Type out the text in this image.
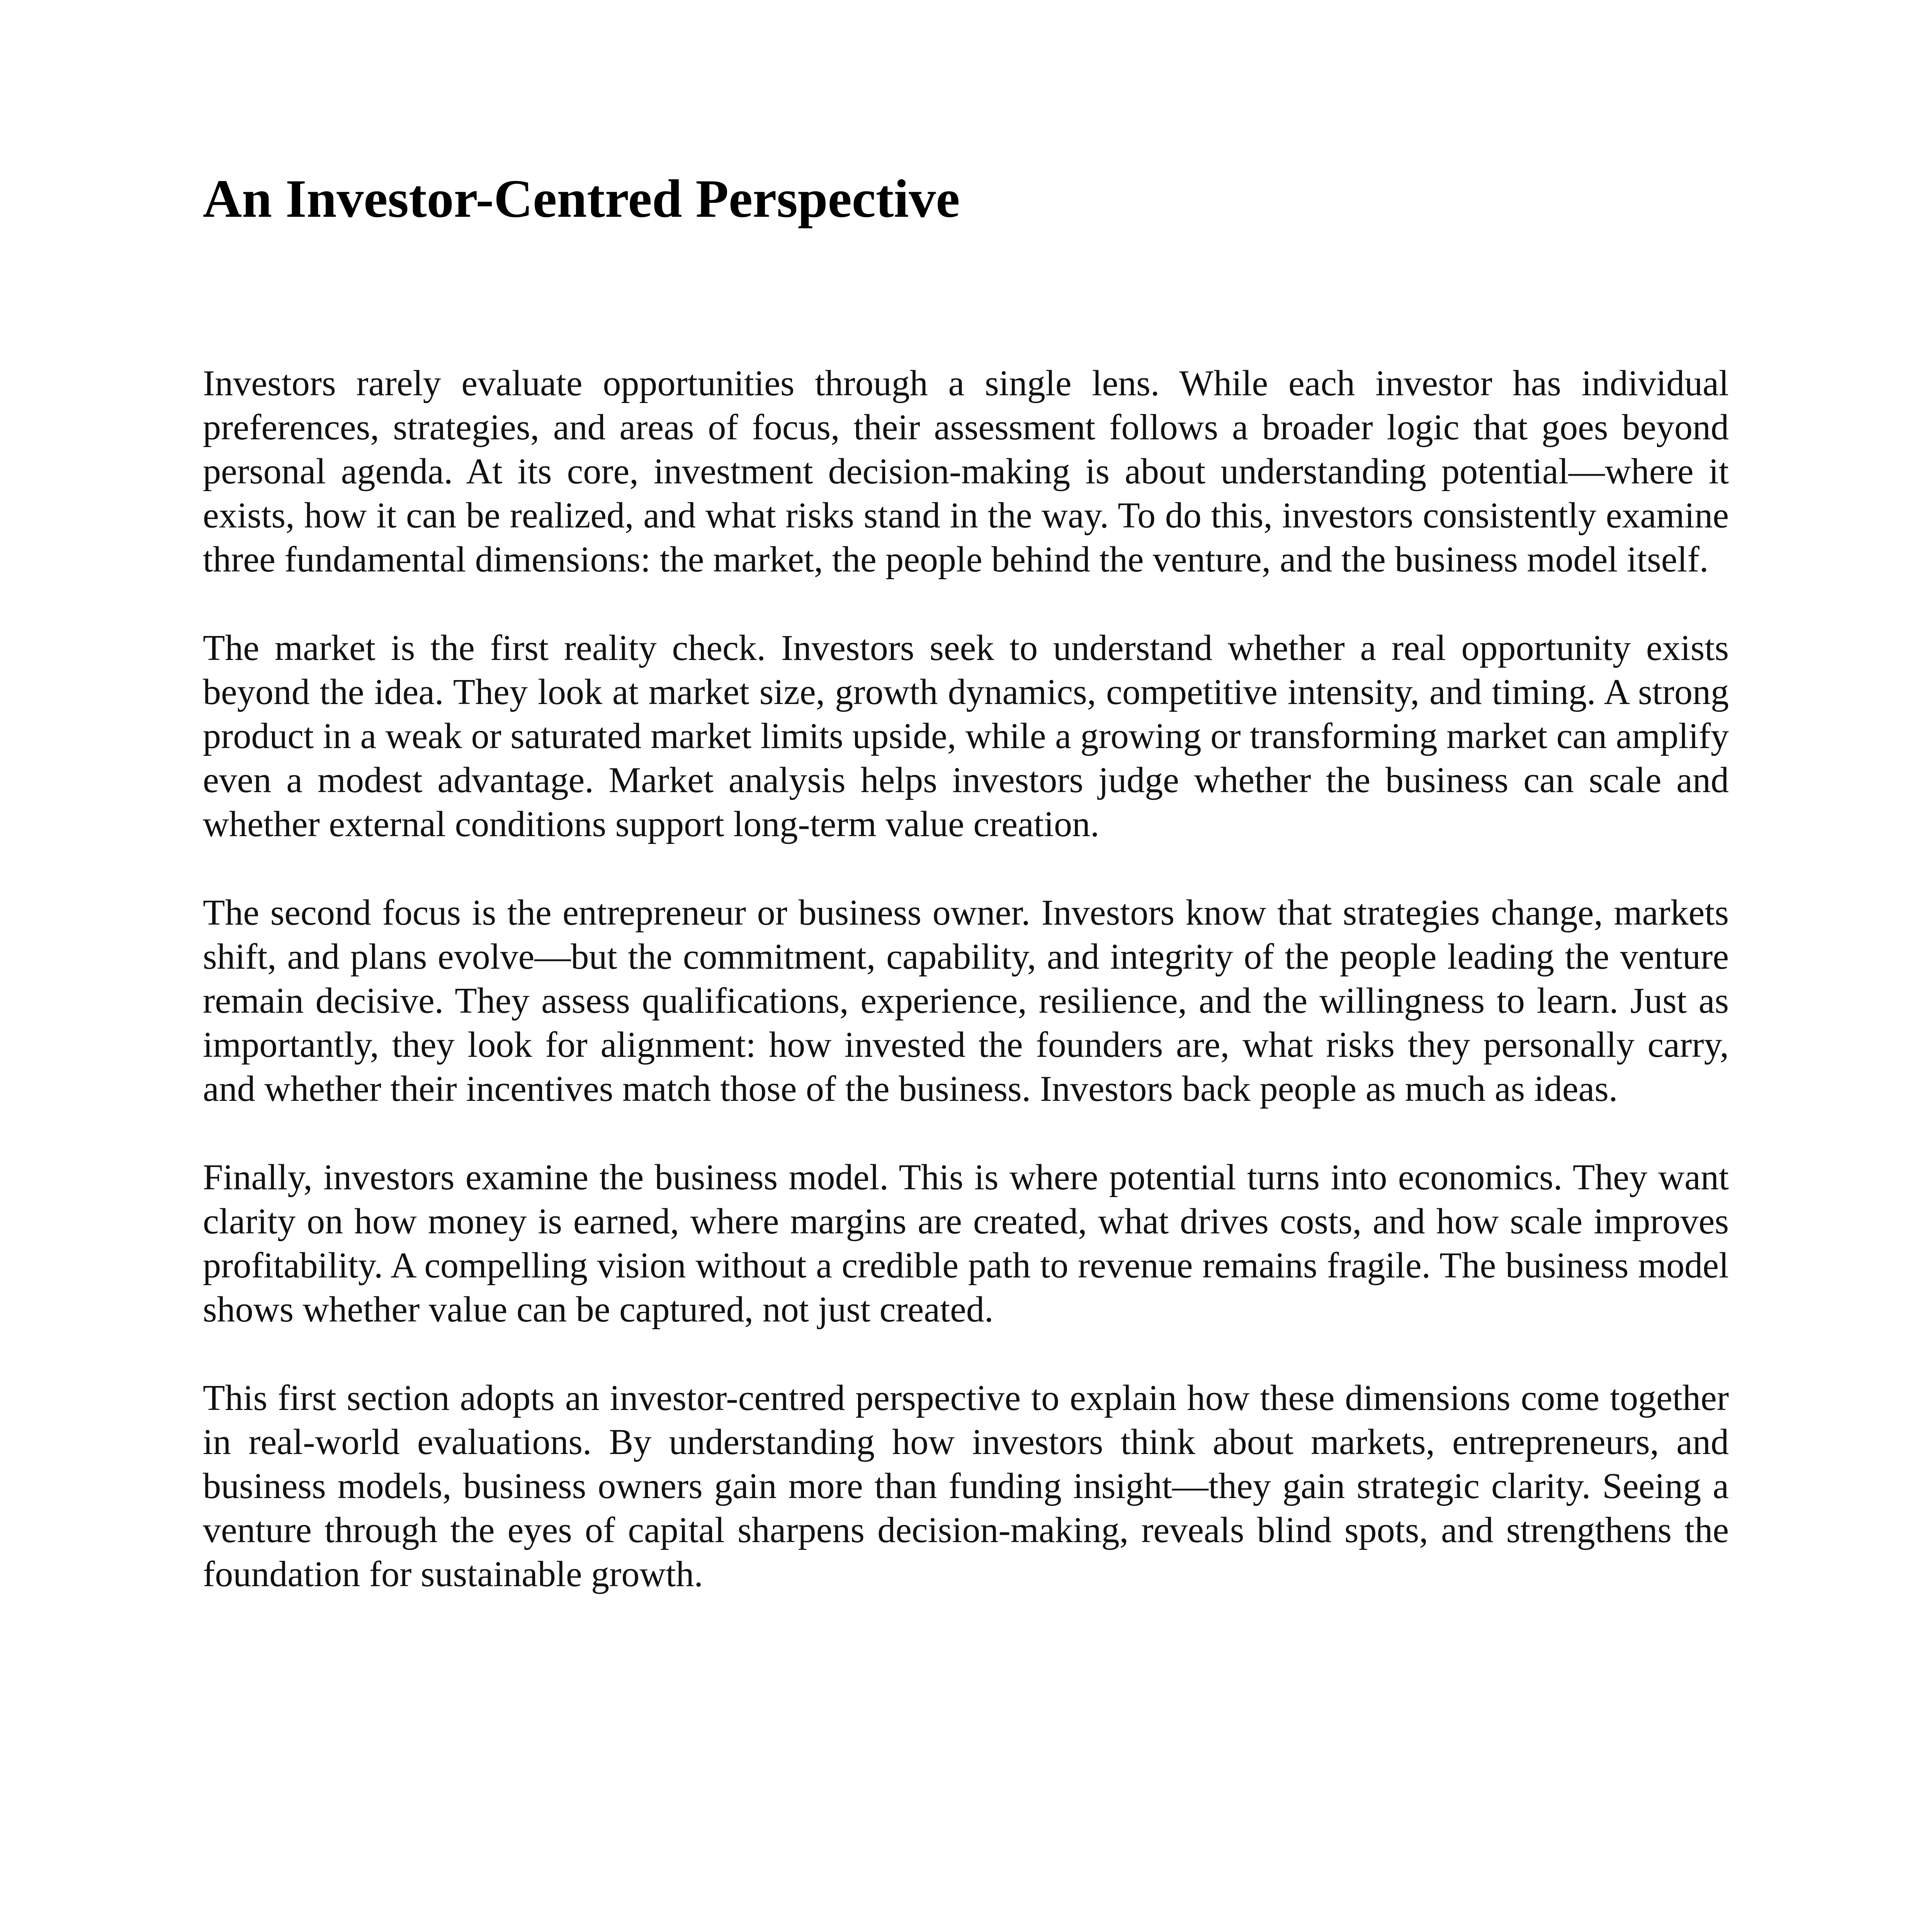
An Investor-Centred Perspective

Investors rarely evaluate opportunities through a single lens. While each investor has individual preferences, strategies, and areas of focus, their assessment follows a broader logic that goes beyond personal agenda. At its core, investment decision-making is about understanding potential—where it exists, how it can be realized, and what risks stand in the way. To do this, investors consistently examine three fundamental dimensions: the market, the people behind the venture, and the business model itself.

The market is the first reality check. Investors seek to understand whether a real opportunity exists beyond the idea. They look at market size, growth dynamics, competitive intensity, and timing. A strong product in a weak or saturated market limits upside, while a growing or transforming market can amplify even a modest advantage. Market analysis helps investors judge whether the business can scale and whether external conditions support long-term value creation.

The second focus is the entrepreneur or business owner. Investors know that strategies change, markets shift, and plans evolve—but the commitment, capability, and integrity of the people leading the venture remain decisive. They assess qualifications, experience, resilience, and the willingness to learn. Just as importantly, they look for alignment: how invested the founders are, what risks they personally carry, and whether their incentives match those of the business. Investors back people as much as ideas.

Finally, investors examine the business model. This is where potential turns into economics. They want clarity on how money is earned, where margins are created, what drives costs, and how scale improves profitability. A compelling vision without a credible path to revenue remains fragile. The business model shows whether value can be captured, not just created.

This first section adopts an investor-centred perspective to explain how these dimensions come together in real-world evaluations. By understanding how investors think about markets, entrepreneurs, and business models, business owners gain more than funding insight—they gain strategic clarity. Seeing a venture through the eyes of capital sharpens decision-making, reveals blind spots, and strengthens the foundation for sustainable growth.
